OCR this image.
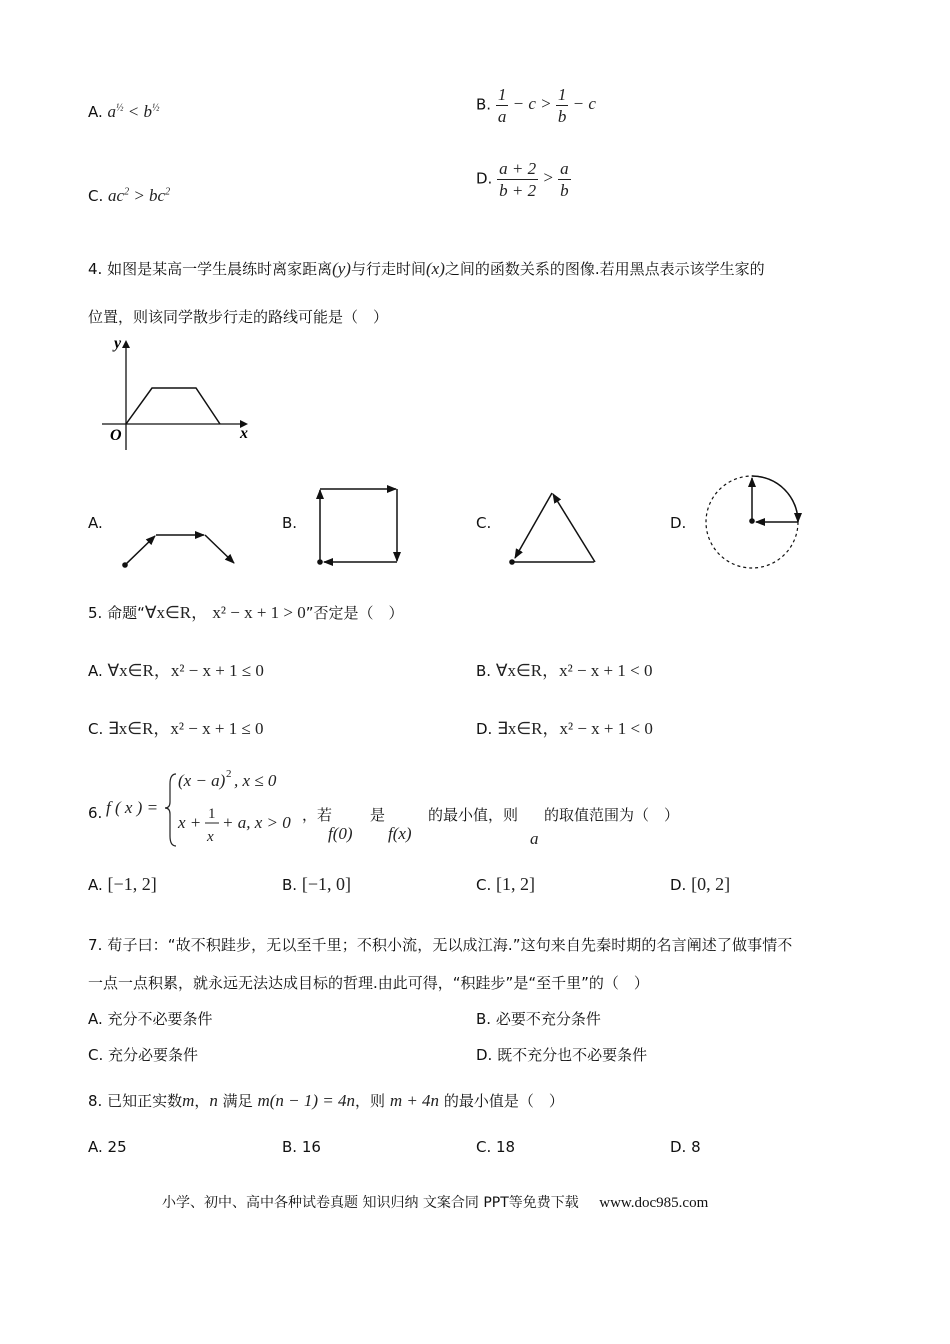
A. $a^{\frac{1}{2}} < b^{\frac{1}{2}}$	B. $\frac{1}{a} - c > \frac{1}{b} - c$
C. $ac^2 > bc^2$
D. $\frac{a + 2}{b + 2} > \frac{a}{b}$
4. 如图是某高一学生晨练时离家距离(y)与行走时间(x)之间的函数关系的图像.若用黑点表示该学生家的
位置，则该同学散步行走的路线可能是（　）
y
x
O
A.	B.	C.	D.
5. 命题“∀x∈R， x² − x + 1 > 0”否定是（　）
A. ∀x∈R，x² − x + 1 ≤ 0	B. ∀x∈R，x² − x + 1 < 0
C. ∃x∈R，x² − x + 1 ≤ 0	D. ∃x∈R，x² − x + 1 < 0
6. f ( x ) =
(x − a) 2 , x ≤ 0
x + 1
x
+ a, x > 0 ，若	是	的最小值，则 的取值范围为（　）
f(0) f(x)	a
A. [−1, 2]	B. [−1, 0]	C. [1, 2]	D. [0, 2]
7. 荀子曰：“故不积跬步，无以至千里；不积小流，无以成江海.”这句来自先秦时期的名言阐述了做事情不
一点一点积累，就永远无法达成目标的哲理.由此可得，“积跬步”是“至千里”的（　）
A. 充分不必要条件	B. 必要不充分条件
C. 充分必要条件	D. 既不充分也不必要条件
8. 已知正实数m，n 满足 m(n − 1) = 4n，则 m + 4n 的最小值是（　）
A. 25	B. 16	C. 18	D. 8
小学、初中、高中各种试卷真题 知识归纳 文案合同 PPT等免费下载 www.doc985.com
